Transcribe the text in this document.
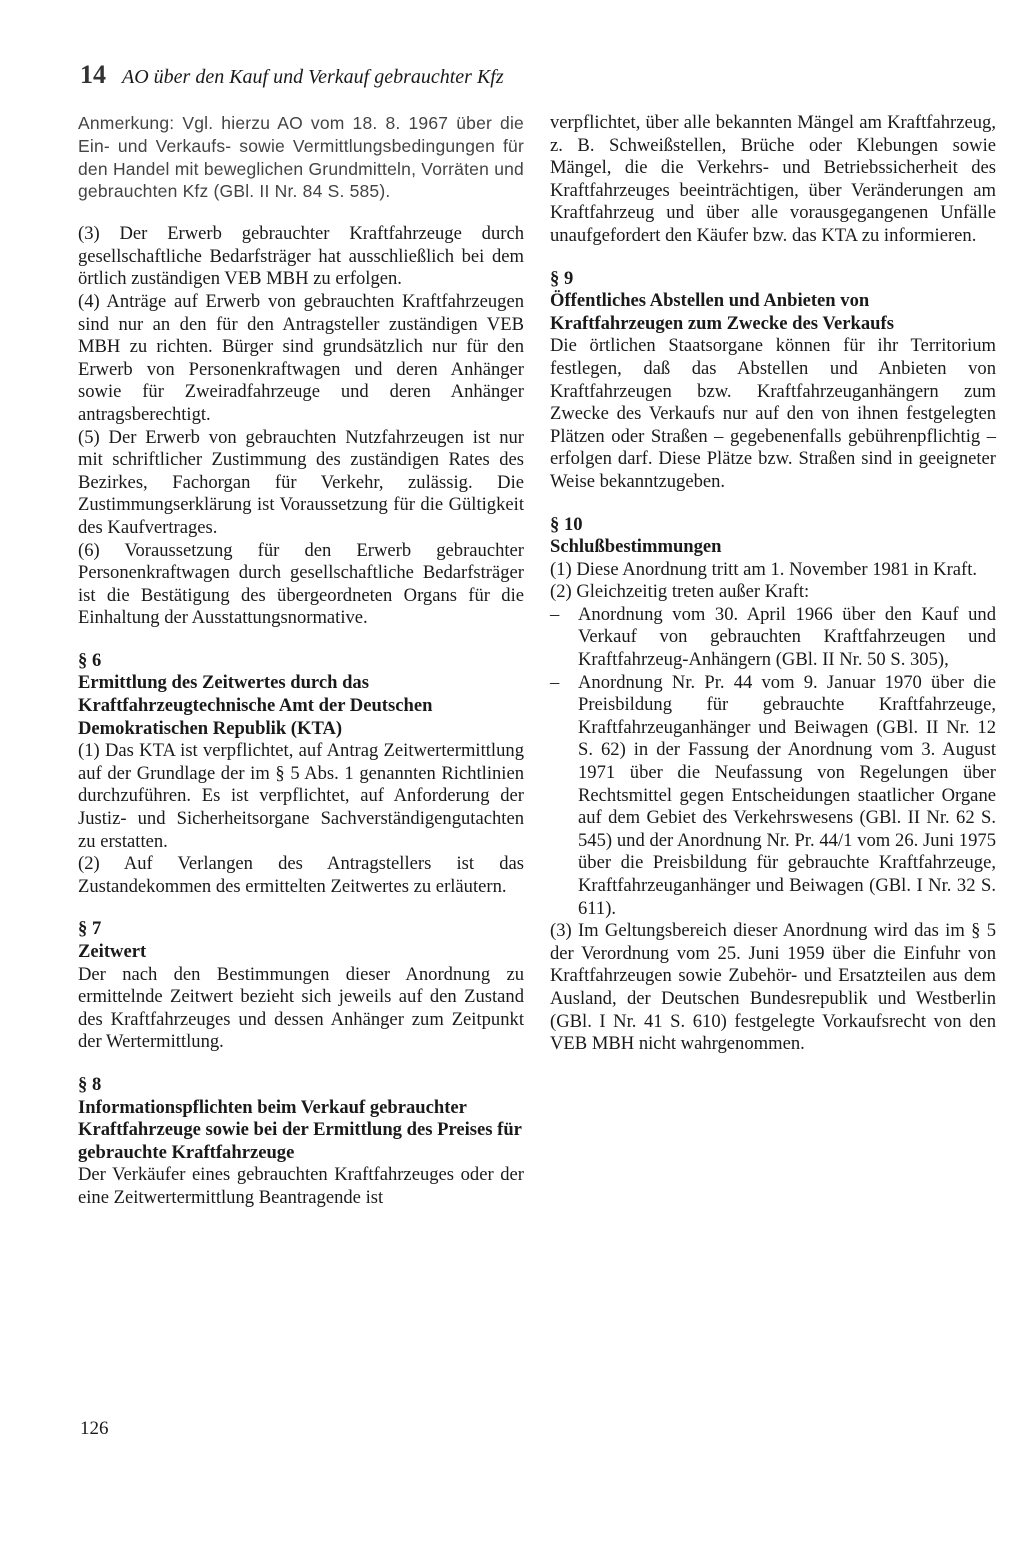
14 AO über den Kauf und Verkauf gebrauchter Kfz

Anmerkung: Vgl. hierzu AO vom 18. 8. 1967 über die Ein- und Verkaufs- sowie Vermittlungsbedingungen für den Handel mit beweglichen Grundmitteln, Vorräten und gebrauchten Kfz (GBl. II Nr. 84 S. 585).

(3) Der Erwerb gebrauchter Kraftfahrzeuge durch gesellschaftliche Bedarfsträger hat ausschließlich bei dem örtlich zuständigen VEB MBH zu erfolgen.

(4) Anträge auf Erwerb von gebrauchten Kraftfahrzeugen sind nur an den für den Antragsteller zuständigen VEB MBH zu richten. Bürger sind grundsätzlich nur für den Erwerb von Personenkraftwagen und deren Anhänger sowie für Zweiradfahrzeuge und deren Anhänger antragsberechtigt.

(5) Der Erwerb von gebrauchten Nutzfahrzeugen ist nur mit schriftlicher Zustimmung des zuständigen Rates des Bezirkes, Fachorgan für Verkehr, zulässig. Die Zustimmungserklärung ist Voraussetzung für die Gültigkeit des Kaufvertrages.

(6) Voraussetzung für den Erwerb gebrauchter Personenkraftwagen durch gesellschaftliche Bedarfsträger ist die Bestätigung des übergeordneten Organs für die Einhaltung der Ausstattungsnormative.

§ 6

Ermittlung des Zeitwertes durch das Kraftfahrzeugtechnische Amt der Deutschen Demokratischen Republik (KTA)

(1) Das KTA ist verpflichtet, auf Antrag Zeitwertermittlung auf der Grundlage der im § 5 Abs. 1 genannten Richtlinien durchzuführen. Es ist verpflichtet, auf Anforderung der Justiz- und Sicherheitsorgane Sachverständigengutachten zu erstatten.

(2) Auf Verlangen des Antragstellers ist das Zustandekommen des ermittelten Zeitwertes zu erläutern.

§ 7

Zeitwert

Der nach den Bestimmungen dieser Anordnung zu ermittelnde Zeitwert bezieht sich jeweils auf den Zustand des Kraftfahrzeuges und dessen Anhänger zum Zeitpunkt der Wertermittlung.

§ 8

Informationspflichten beim Verkauf gebrauchter Kraftfahrzeuge sowie bei der Ermittlung des Preises für gebrauchte Kraftfahrzeuge

Der Verkäufer eines gebrauchten Kraftfahrzeuges oder der eine Zeitwertermittlung Beantragende ist

verpflichtet, über alle bekannten Mängel am Kraftfahrzeug, z. B. Schweißstellen, Brüche oder Klebungen sowie Mängel, die die Verkehrs- und Betriebssicherheit des Kraftfahrzeuges beeinträchtigen, über Veränderungen am Kraftfahrzeug und über alle vorausgegangenen Unfälle unaufgefordert den Käufer bzw. das KTA zu informieren.

§ 9

Öffentliches Abstellen und Anbieten von Kraftfahrzeugen zum Zwecke des Verkaufs

Die örtlichen Staatsorgane können für ihr Territorium festlegen, daß das Abstellen und Anbieten von Kraftfahrzeugen bzw. Kraftfahrzeuganhängern zum Zwecke des Verkaufs nur auf den von ihnen festgelegten Plätzen oder Straßen – gegebenenfalls gebührenpflichtig – erfolgen darf. Diese Plätze bzw. Straßen sind in geeigneter Weise bekanntzugeben.

§ 10

Schlußbestimmungen

(1) Diese Anordnung tritt am 1. November 1981 in Kraft.

(2) Gleichzeitig treten außer Kraft:

– Anordnung vom 30. April 1966 über den Kauf und Verkauf von gebrauchten Kraftfahrzeugen und Kraftfahrzeug-Anhängern (GBl. II Nr. 50 S. 305),
– Anordnung Nr. Pr. 44 vom 9. Januar 1970 über die Preisbildung für gebrauchte Kraftfahrzeuge, Kraftfahrzeuganhänger und Beiwagen (GBl. II Nr. 12 S. 62) in der Fassung der Anordnung vom 3. August 1971 über die Neufassung von Regelungen über Rechtsmittel gegen Entscheidungen staatlicher Organe auf dem Gebiet des Verkehrswesens (GBl. II Nr. 62 S. 545) und der Anordnung Nr. Pr. 44/1 vom 26. Juni 1975 über die Preisbildung für gebrauchte Kraftfahrzeuge, Kraftfahrzeuganhänger und Beiwagen (GBl. I Nr. 32 S. 611).

(3) Im Geltungsbereich dieser Anordnung wird das im § 5 der Verordnung vom 25. Juni 1959 über die Einfuhr von Kraftfahrzeugen sowie Zubehör- und Ersatzteilen aus dem Ausland, der Deutschen Bundesrepublik und Westberlin (GBl. I Nr. 41 S. 610) festgelegte Vorkaufsrecht von den VEB MBH nicht wahrgenommen.

126
